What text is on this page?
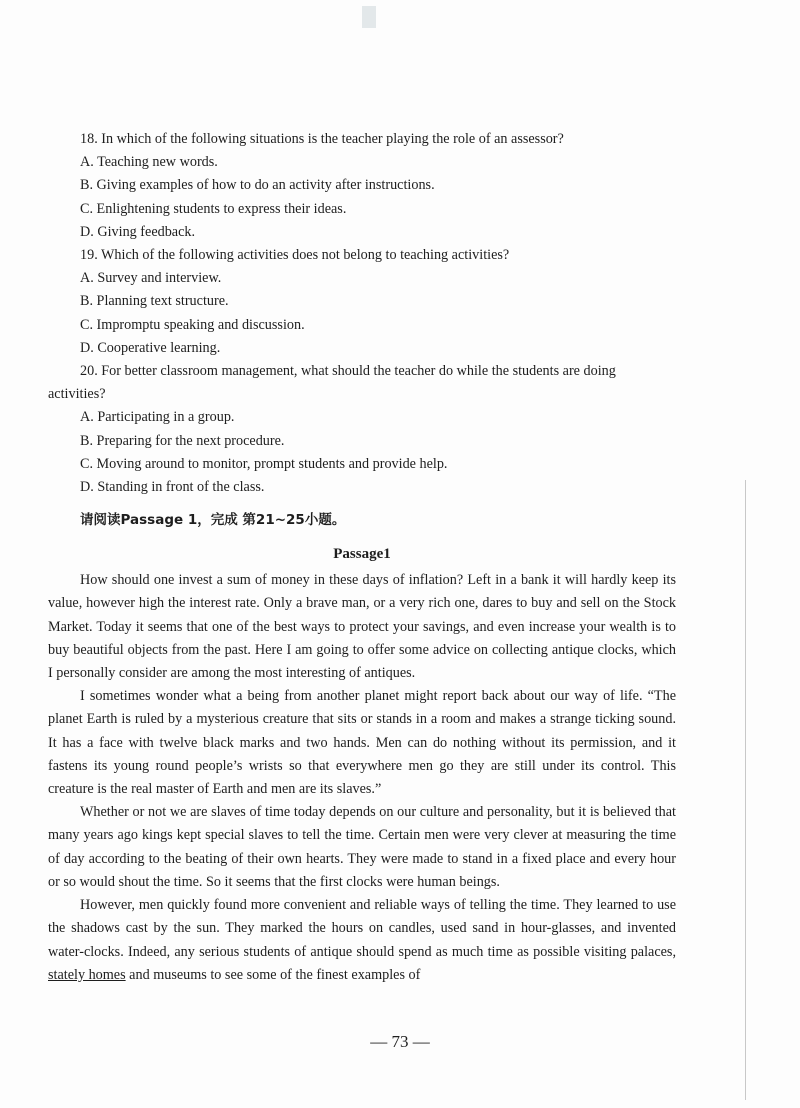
18. In which of the following situations is the teacher playing the role of an assessor?
A. Teaching new words.
B. Giving examples of how to do an activity after instructions.
C. Enlightening students to express their ideas.
D. Giving feedback.
19. Which of the following activities does not belong to teaching activities?
A. Survey and interview.
B. Planning text structure.
C. Impromptu speaking and discussion.
D. Cooperative learning.
20. For better classroom management, what should the teacher do while the students are doing activities?
A. Participating in a group.
B. Preparing for the next procedure.
C. Moving around to monitor, prompt students and provide help.
D. Standing in front of the class.
请阅读Passage 1，完成 第21~25小题。
Passage1

How should one invest a sum of money in these days of inflation? Left in a bank it will hardly keep its value, however high the interest rate. Only a brave man, or a very rich one, dares to buy and sell on the Stock Market. Today it seems that one of the best ways to protect your savings, and even increase your wealth is to buy beautiful objects from the past. Here I am going to offer some advice on collecting antique clocks, which I personally consider are among the most interesting of antiques.

I sometimes wonder what a being from another planet might report back about our way of life. “The planet Earth is ruled by a mysterious creature that sits or stands in a room and makes a strange ticking sound. It has a face with twelve black marks and two hands. Men can do nothing without its permission, and it fastens its young round people’s wrists so that everywhere men go they are still under its control. This creature is the real master of Earth and men are its slaves.”

Whether or not we are slaves of time today depends on our culture and personality, but it is believed that many years ago kings kept special slaves to tell the time. Certain men were very clever at measuring the time of day according to the beating of their own hearts. They were made to stand in a fixed place and every hour or so would shout the time. So it seems that the first clocks were human beings.

However, men quickly found more convenient and reliable ways of telling the time. They learned to use the shadows cast by the sun. They marked the hours on candles, used sand in hour-glasses, and invented water-clocks. Indeed, any serious students of antique should spend as much time as possible visiting palaces, stately homes and museums to see some of the finest examples of

— 73 —
